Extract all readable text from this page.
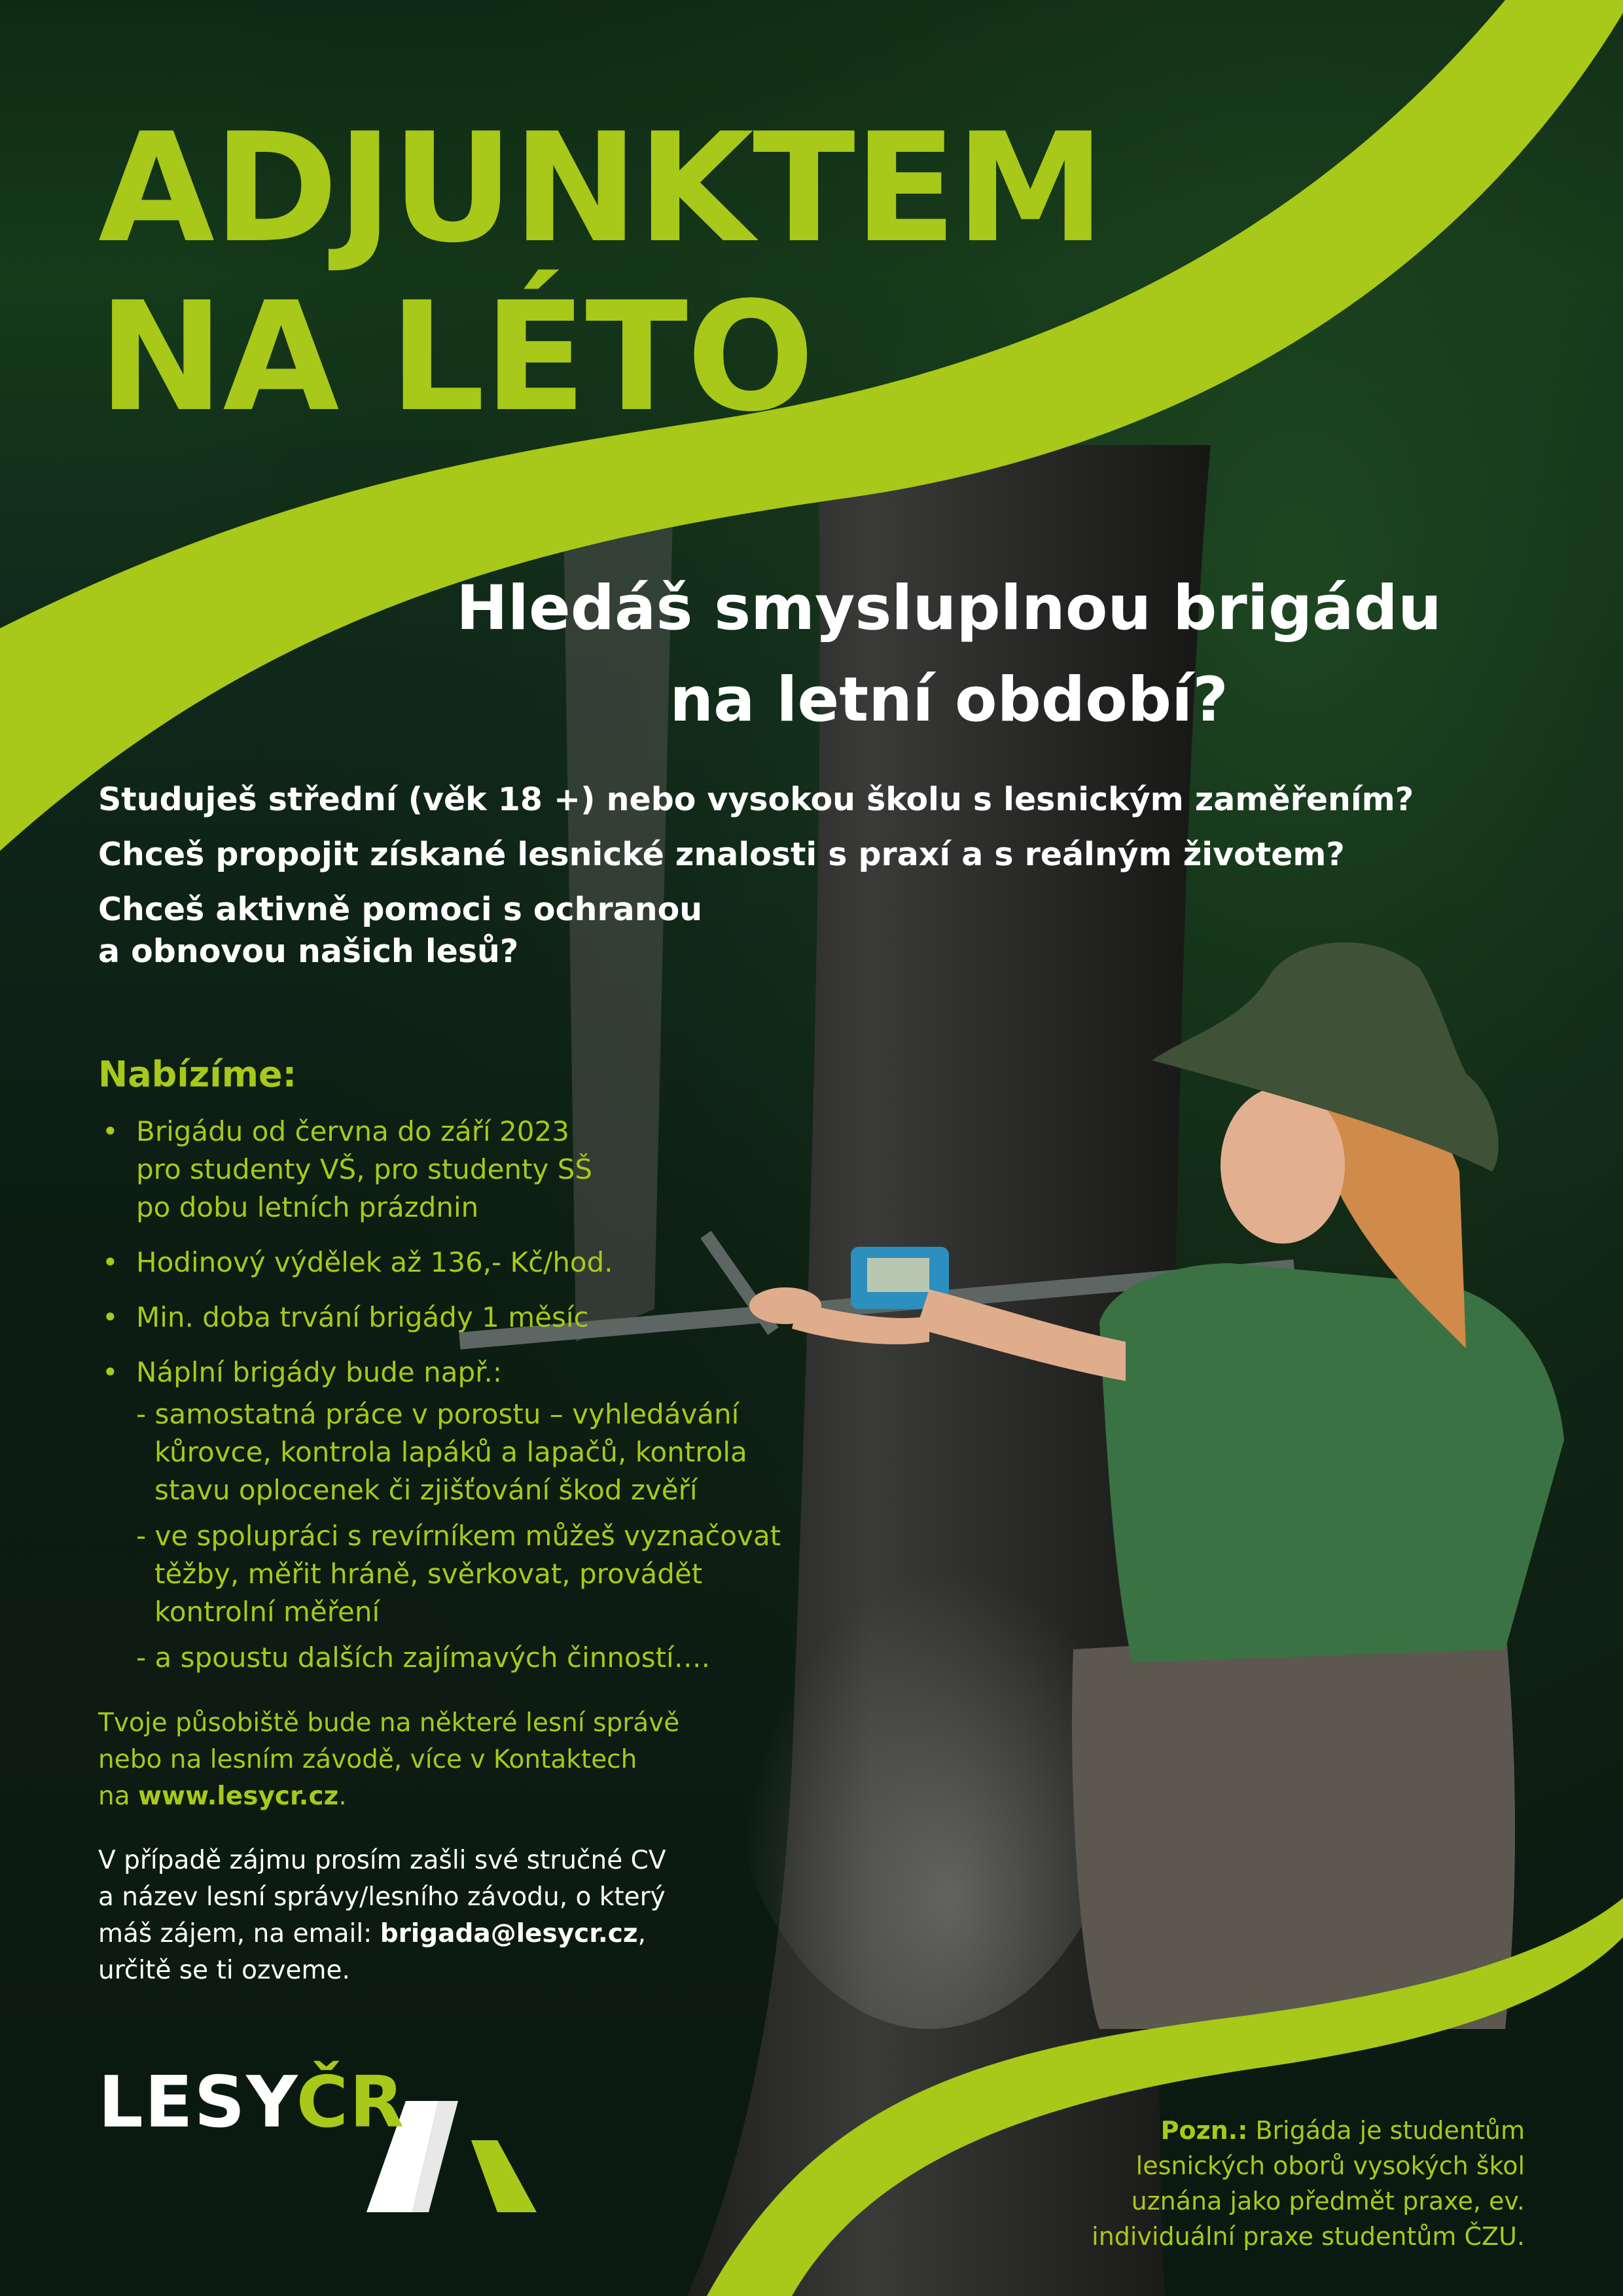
ADJUNKTEM
NA LÉTO
Hledáš smysluplnou brigádu
na letní období?
Studuješ střední (věk 18 +) nebo vysokou školu s lesnickým zaměřením?
Chceš propojit získané lesnické znalosti s praxí a s reálným životem?
Chceš aktivně pomoci s ochranou
a obnovou našich lesů?
Nabízíme:
• Brigádu od června do září 2023
pro studenty VŠ, pro studenty SŠ
po dobu letních prázdnin
• Hodinový výdělek až 136,- Kč/hod.
• Min. doba trvání brigády 1 měsíc
• Náplní brigády bude např.:
- samostatná práce v porostu – vyhledávání
kůrovce, kontrola lapáků a lapačů, kontrola
stavu oplocenek či zjišťování škod zvěří
- ve spolupráci s revírníkem můžeš vyznačovat
těžby, měřit hráně, svěrkovat, provádět
kontrolní měření
- a spoustu dalších zajímavých činností….

Tvoje působiště bude na některé lesní správě
nebo na lesním závodě, více v Kontaktech
na www.lesycr.cz.

V případě zájmu prosím zašli své stručné CV
a název lesní správy/lesního závodu, o který
máš zájem, na email: brigada@lesycr.cz,
určitě se ti ozveme.

LESYČR	Pozn.: Brigáda je studentům
lesnických oborů vysokých škol
uznána jako předmět praxe, ev.
individuální praxe studentům ČZU.
